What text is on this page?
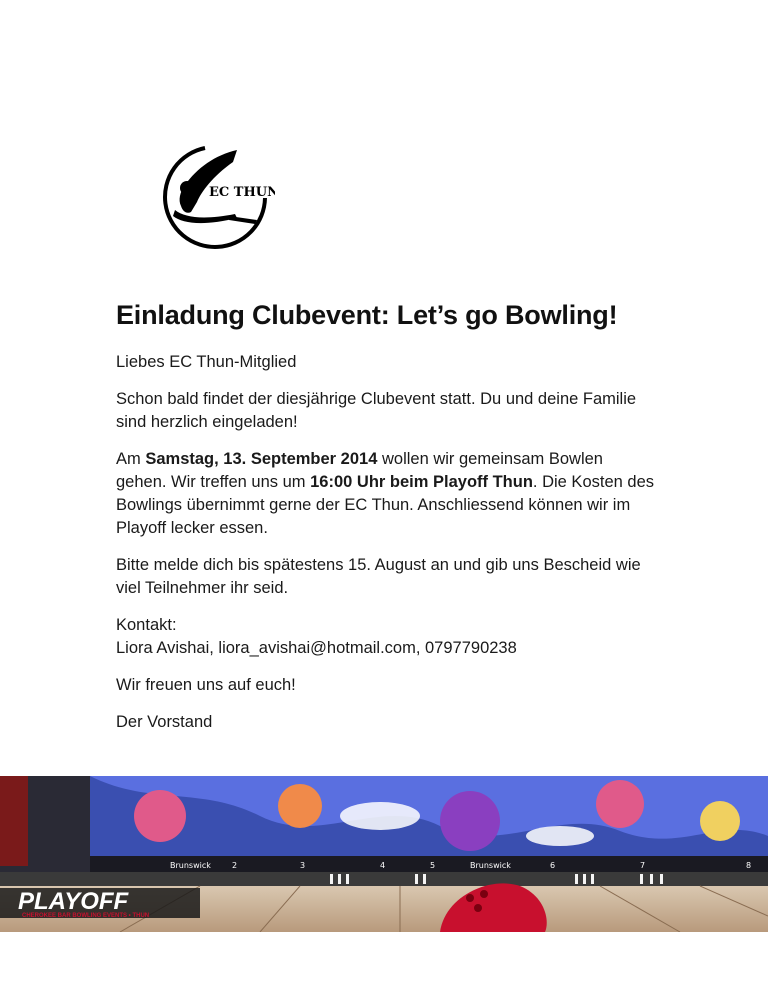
EC THUN
Einladung Clubevent: Let’s go Bowling!

Liebes EC Thun-Mitglied

Schon bald findet der diesjährige Clubevent statt. Du und deine Familie sind herzlich eingeladen!

Am Samstag, 13. September 2014 wollen wir gemeinsam Bowlen gehen. Wir treffen uns um 16:00 Uhr beim Playoff Thun. Die Kosten des Bowlings übernimmt gerne der EC Thun. Anschliessend können wir im Playoff lecker essen.

Bitte melde dich bis spätestens 15. August an und gib uns Bescheid wie viel Teilnehmer ihr seid.

Kontakt:
Liora Avishai, liora_avishai@hotmail.com, 0797790238

Wir freuen uns auf euch!

Der Vorstand

Brunswick	Brunswick
2	3	4	5	6	7	8
PLAYOFF
CHEROKEE BAR BOWLING EVENTS • THUN
